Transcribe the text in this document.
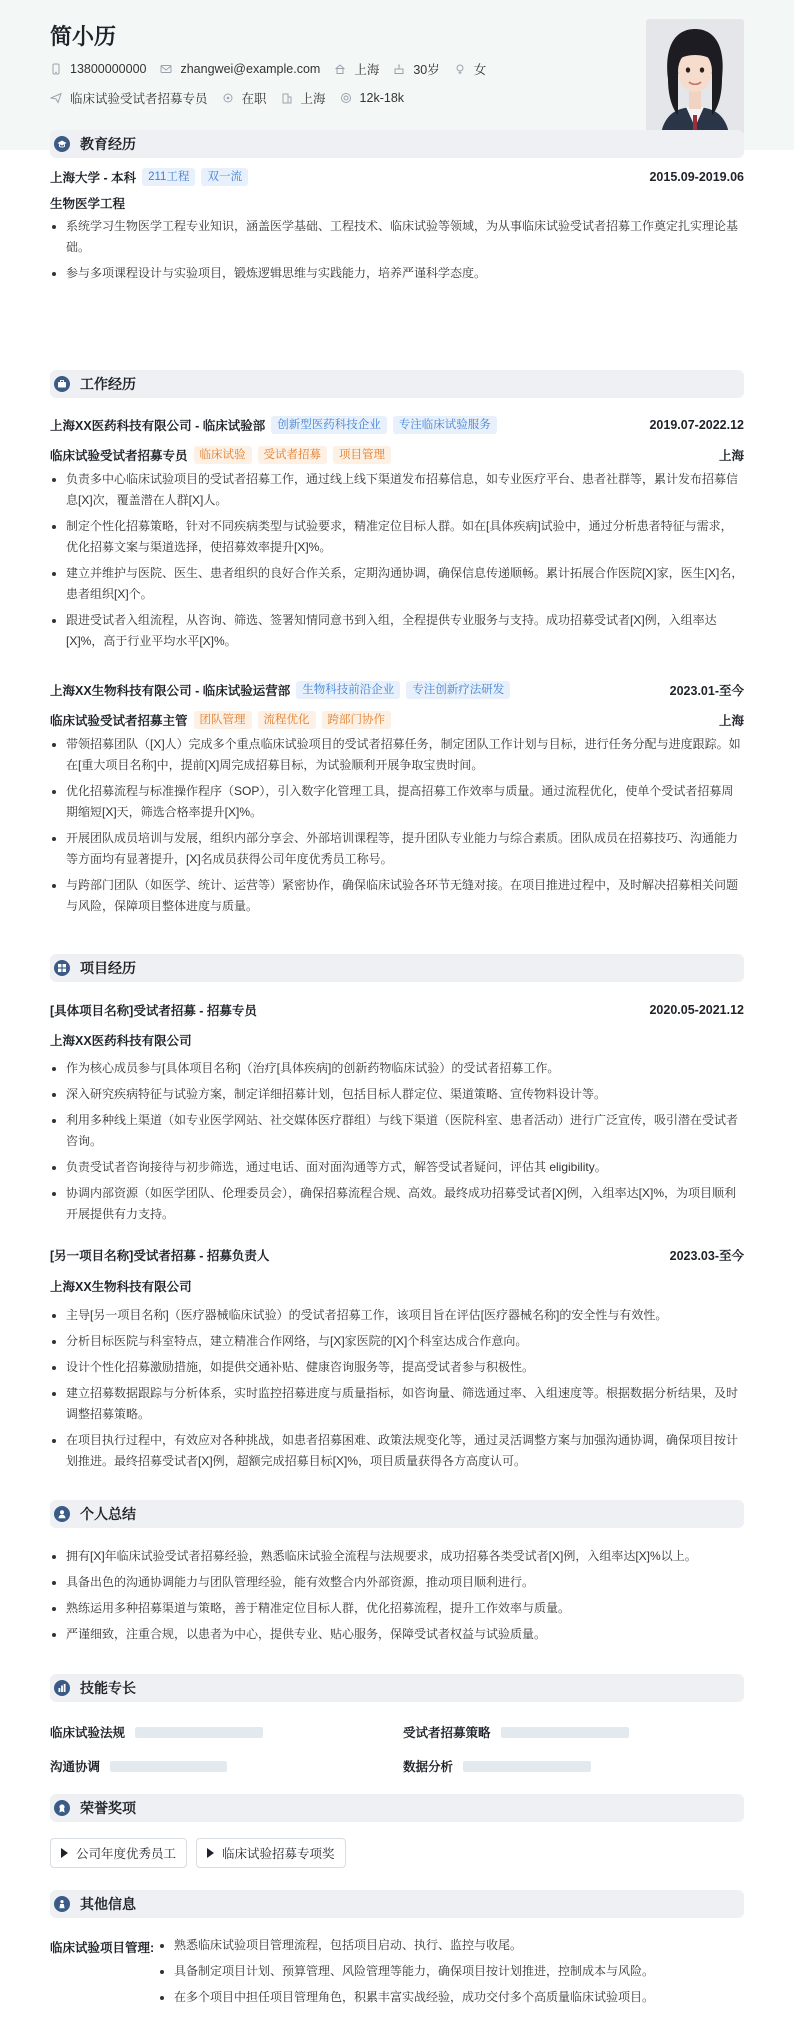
简小历
13800000000	zhangwei@example.com	上海	30岁	女
临床试验受试者招募专员	在职	上海	12k-18k
教育经历
上海大学 - 本科	211工程	双一流	2015.09-2019.06
生物医学工程
系统学习生物医学工程专业知识，涵盖医学基础、工程技术、临床试验等领域，为从事临床试验受试者招募工作奠定扎实理论基础。
参与多项课程设计与实验项目，锻炼逻辑思维与实践能力，培养严谨科学态度。
工作经历
上海XX医药科技有限公司 - 临床试验部	创新型医药科技企业	专注临床试验服务	2019.07-2022.12
临床试验受试者招募专员	临床试验	受试者招募	项目管理	上海
负责多中心临床试验项目的受试者招募工作，通过线上线下渠道发布招募信息，如专业医疗平台、患者社群等，累计发布招募信息[X]次，覆盖潜在人群[X]人。
制定个性化招募策略，针对不同疾病类型与试验要求，精准定位目标人群。如在[具体疾病]试验中，通过分析患者特征与需求，优化招募文案与渠道选择，使招募效率提升[X]%。
建立并维护与医院、医生、患者组织的良好合作关系，定期沟通协调，确保信息传递顺畅。累计拓展合作医院[X]家，医生[X]名，患者组织[X]个。
跟进受试者入组流程，从咨询、筛选、签署知情同意书到入组，全程提供专业服务与支持。成功招募受试者[X]例，入组率达[X]%，高于行业平均水平[X]%。
上海XX生物科技有限公司 - 临床试验运营部	生物科技前沿企业	专注创新疗法研发	2023.01-至今
临床试验受试者招募主管	团队管理	流程优化	跨部门协作	上海
带领招募团队（[X]人）完成多个重点临床试验项目的受试者招募任务，制定团队工作计划与目标，进行任务分配与进度跟踪。如在[重大项目名称]中，提前[X]周完成招募目标，为试验顺利开展争取宝贵时间。
优化招募流程与标准操作程序（SOP），引入数字化管理工具，提高招募工作效率与质量。通过流程优化，使单个受试者招募周期缩短[X]天，筛选合格率提升[X]%。
开展团队成员培训与发展，组织内部分享会、外部培训课程等，提升团队专业能力与综合素质。团队成员在招募技巧、沟通能力等方面均有显著提升，[X]名成员获得公司年度优秀员工称号。
与跨部门团队（如医学、统计、运营等）紧密协作，确保临床试验各环节无缝对接。在项目推进过程中，及时解决招募相关问题与风险，保障项目整体进度与质量。
项目经历
[具体项目名称]受试者招募 - 招募专员	2020.05-2021.12
上海XX医药科技有限公司
作为核心成员参与[具体项目名称]（治疗[具体疾病]的创新药物临床试验）的受试者招募工作。
深入研究疾病特征与试验方案，制定详细招募计划，包括目标人群定位、渠道策略、宣传物料设计等。
利用多种线上渠道（如专业医学网站、社交媒体医疗群组）与线下渠道（医院科室、患者活动）进行广泛宣传，吸引潜在受试者咨询。
负责受试者咨询接待与初步筛选，通过电话、面对面沟通等方式，解答受试者疑问，评估其 eligibility。
协调内部资源（如医学团队、伦理委员会），确保招募流程合规、高效。最终成功招募受试者[X]例，入组率达[X]%，为项目顺利开展提供有力支持。
[另一项目名称]受试者招募 - 招募负责人	2023.03-至今
上海XX生物科技有限公司
主导[另一项目名称]（医疗器械临床试验）的受试者招募工作，该项目旨在评估[医疗器械名称]的安全性与有效性。
分析目标医院与科室特点，建立精准合作网络，与[X]家医院的[X]个科室达成合作意向。
设计个性化招募激励措施，如提供交通补贴、健康咨询服务等，提高受试者参与积极性。
建立招募数据跟踪与分析体系，实时监控招募进度与质量指标，如咨询量、筛选通过率、入组速度等。根据数据分析结果，及时调整招募策略。
在项目执行过程中，有效应对各种挑战，如患者招募困难、政策法规变化等，通过灵活调整方案与加强沟通协调，确保项目按计划推进。最终招募受试者[X]例，超额完成招募目标[X]%，项目质量获得各方高度认可。
个人总结
拥有[X]年临床试验受试者招募经验，熟悉临床试验全流程与法规要求，成功招募各类受试者[X]例，入组率达[X]%以上。
具备出色的沟通协调能力与团队管理经验，能有效整合内外部资源，推动项目顺利进行。
熟练运用多种招募渠道与策略，善于精准定位目标人群，优化招募流程，提升工作效率与质量。
严谨细致，注重合规，以患者为中心，提供专业、贴心服务，保障受试者权益与试验质量。
技能专长
临床试验法规	受试者招募策略
沟通协调	数据分析
荣誉奖项
公司年度优秀员工	临床试验招募专项奖
其他信息
临床试验项目管理:	熟悉临床试验项目管理流程，包括项目启动、执行、监控与收尾。
具备制定项目计划、预算管理、风险管理等能力，确保项目按计划推进，控制成本与风险。
在多个项目中担任项目管理角色，积累丰富实战经验，成功交付多个高质量临床试验项目。
